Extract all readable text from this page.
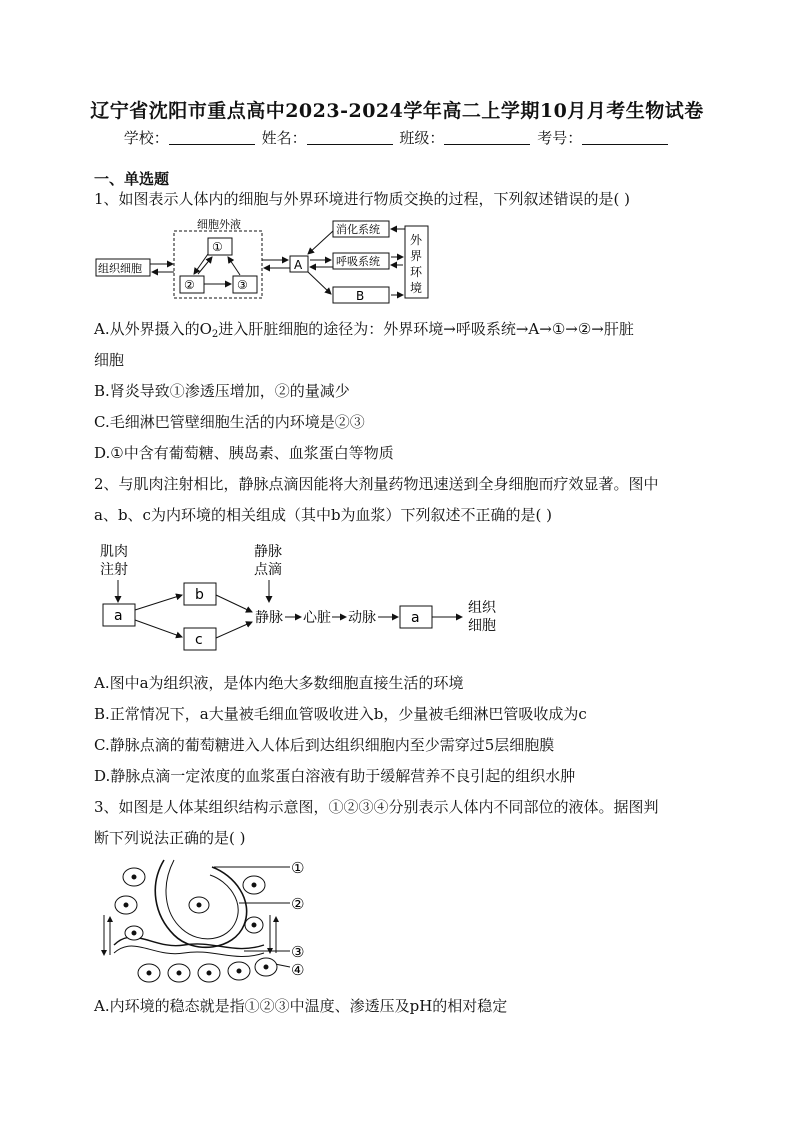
辽宁省沈阳市重点高中2023-2024学年高二上学期10月月考生物试卷
学校：	姓名：	班级：	考号：
一、单选题
1、如图表示人体内的细胞与外界环境进行物质交换的过程，下列叙述错误的是( )
细胞外液
①
②	③
组织细胞	A
消化系统
呼吸系统
B
外
界
环
境
A.从外界摄入的$O_2$进入肝脏细胞的途径为：外界环境→呼吸系统→A→①→②→肝脏
细胞
B.肾炎导致①渗透压增加，②的量减少
C.毛细淋巴管壁细胞生活的内环境是②③
D.①中含有葡萄糖、胰岛素、血浆蛋白等物质
2、与肌肉注射相比，静脉点滴因能将大剂量药物迅速送到全身细胞而疗效显著。图中
a、b、c为内环境的相关组成（其中b为血浆）下列叙述不正确的是( )
肌肉
注射
a
b
c
静脉
点滴
静脉 心脏 动脉	a
组织
细胞
A.图中a为组织液，是体内绝大多数细胞直接生活的环境
B.正常情况下，a大量被毛细血管吸收进入b，少量被毛细淋巴管吸收成为c
C.静脉点滴的葡萄糖进入人体后到达组织细胞内至少需穿过5层细胞膜
D.静脉点滴一定浓度的血浆蛋白溶液有助于缓解营养不良引起的组织水肿
3、如图是人体某组织结构示意图，①②③④分别表示人体内不同部位的液体。据图判
断下列说法正确的是( )
①
②
③
④
A.内环境的稳态就是指①②③中温度、渗透压及pH的相对稳定
